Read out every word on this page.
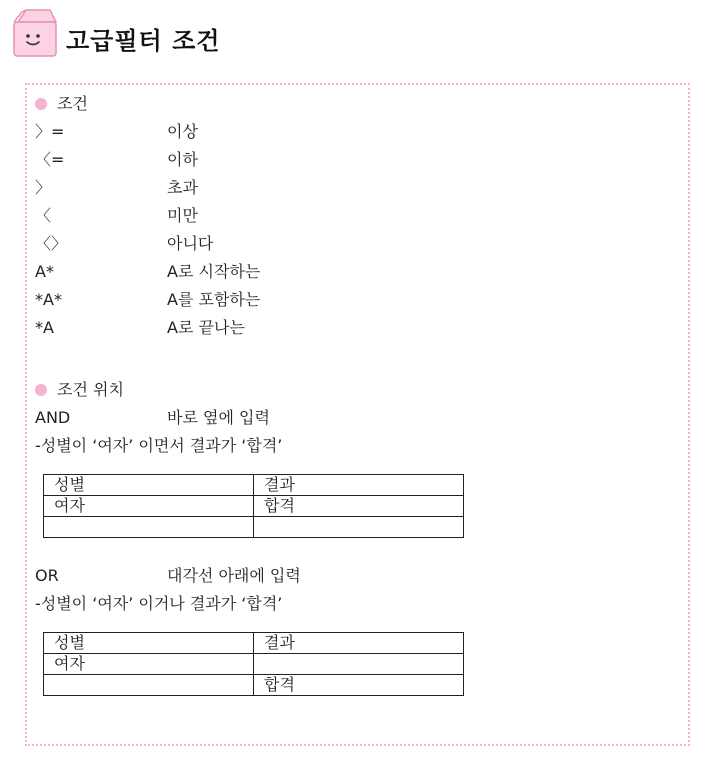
고급필터 조건
조건
〉=	이상
〈=	이하
〉	초과
〈	미만
〈〉	아니다
A*	A로 시작하는
*A*	A를 포함하는
*A	A로 끝나는
조건 위치
AND	바로 옆에 입력
-성별이 ‘여자’ 이면서 결과가 ‘합격’
성별	결과
여자	합격

OR	대각선 아래에 입력
-성별이 ‘여자’ 이거나 결과가 ‘합격’
성별	결과
여자	
	합격
